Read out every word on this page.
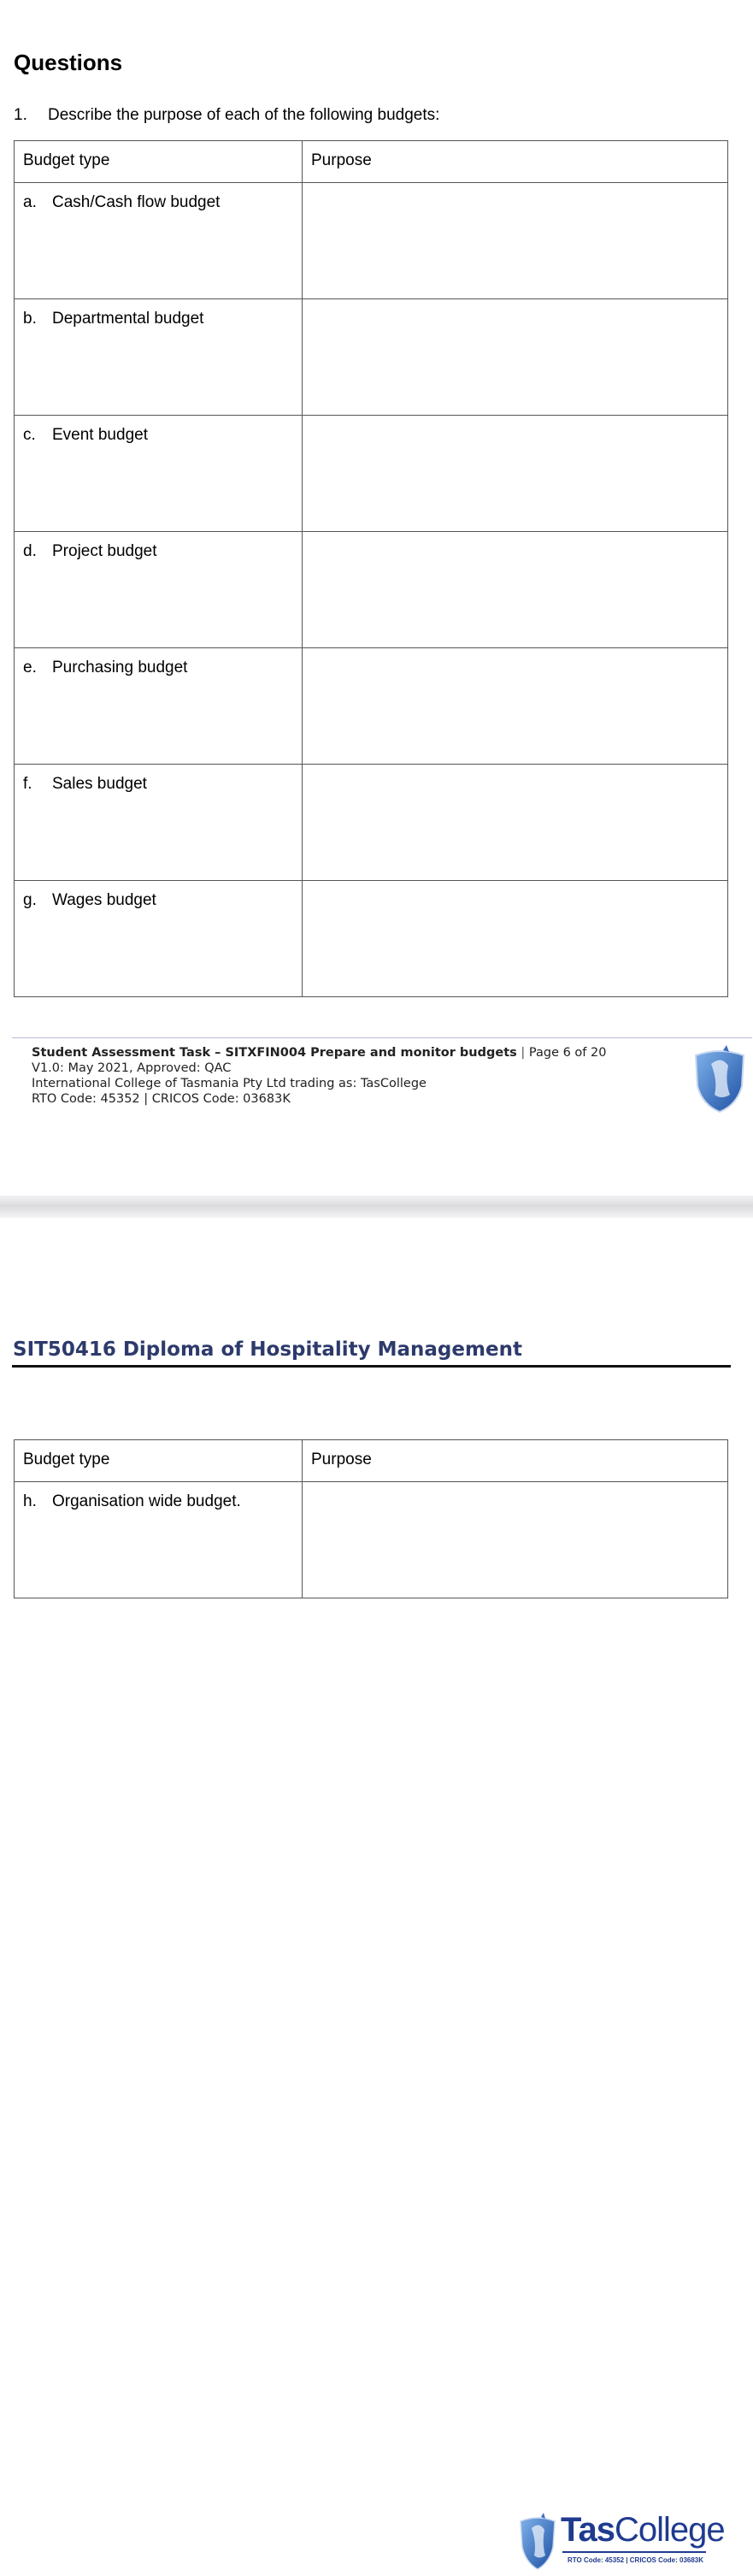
Questions
1. Describe the purpose of each of the following budgets:
Budget type	Purpose
a. Cash/Cash flow budget	
b. Departmental budget	
c. Event budget	
d. Project budget	
e. Purchasing budget	
f. Sales budget	
g. Wages budget	
Student Assessment Task – SITXFIN004 Prepare and monitor budgets | Page 6 of 20
V1.0: May 2021, Approved: QAC
International College of Tasmania Pty Ltd trading as: TasCollege
RTO Code: 45352 | CRICOS Code: 03683K
TasCollege
RTO Code: 45352 | CRICOS Code: 03683K
SIT50416 Diploma of Hospitality Management
Budget type	Purpose
h. Organisation wide budget.	
